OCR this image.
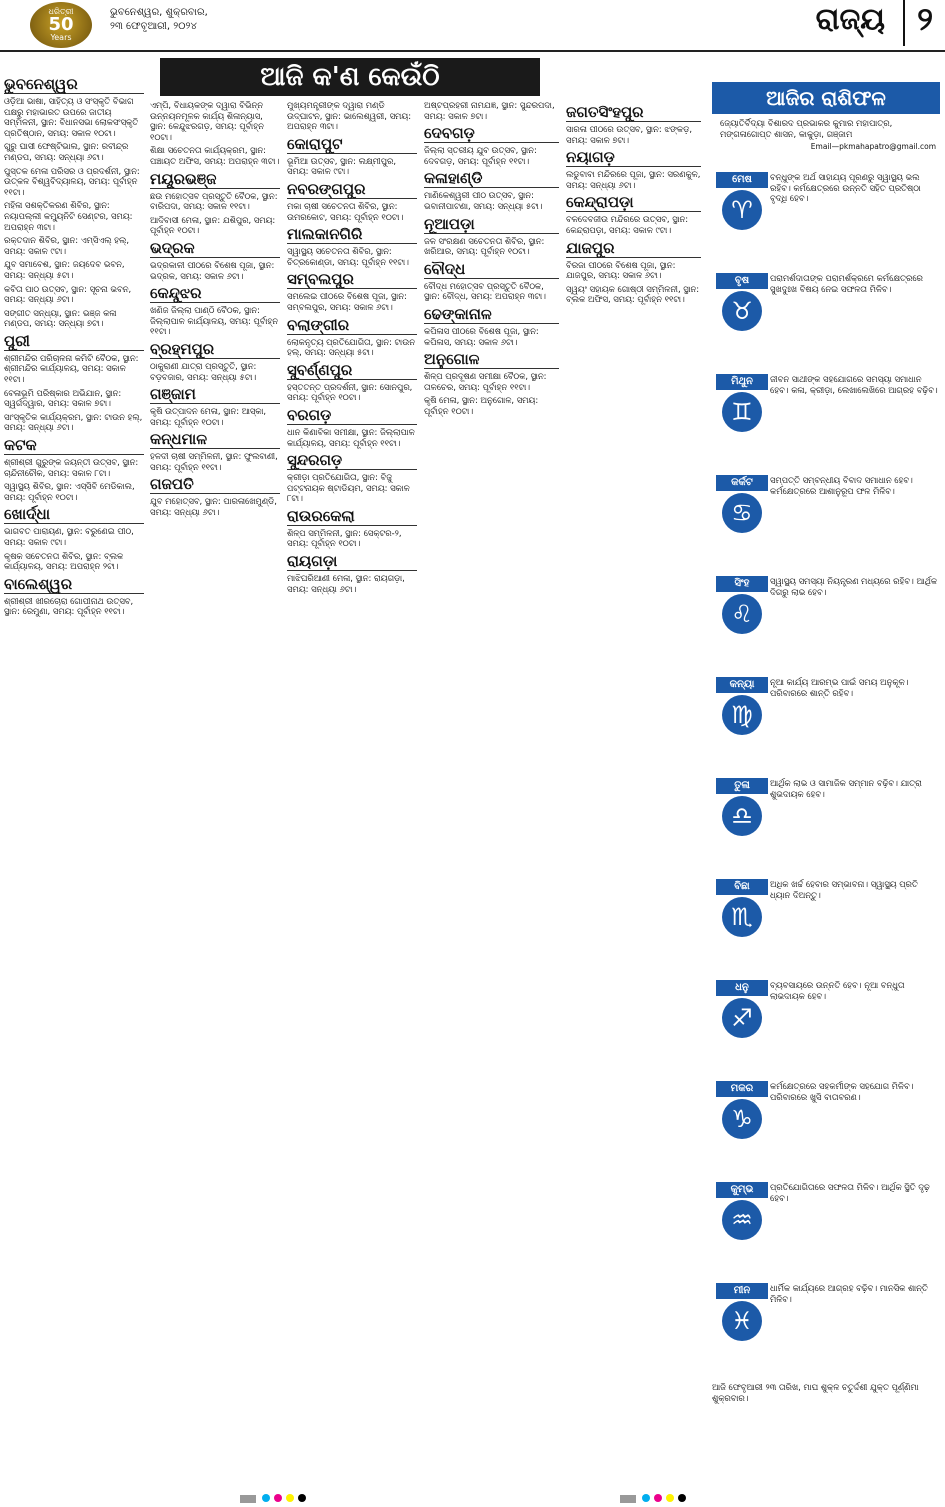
ଧରିତ୍ରୀ
50
Years
ଭୁବନେଶ୍ୱର, ଶୁକ୍ରବାର,
୨୩ ଫେବୃଆରୀ, ୨୦୨୪	ରାଜ୍ୟ	୨
ଆଜି କ'ଣ କେଉଁଠି
ଭୁବନେଶ୍ୱର

ଓଡ଼ିଆ ଭାଷା, ସାହିତ୍ୟ ଓ ସଂସ୍କୃତି ବିଭାଗ ପକ୍ଷରୁ ମହାଭାରତ ଉପରେ ଜାତୀୟ ସମ୍ମିଳନୀ, ସ୍ଥାନ: ବିଧାନସଭା ଲୋକସଂସ୍କୃତି ପ୍ରତିଷ୍ଠାନ, ସମୟ: ସକାଳ ୧୦ଟା।

ଗୁରୁ ଘାସୀ ଫେଷ୍ଟିଭାଲ, ସ୍ଥାନ: ରବୀନ୍ଦ୍ର ମଣ୍ଡପ, ସମୟ: ସନ୍ଧ୍ୟା ୬ଟା।

ପୁସ୍ତକ ମେଳା ପରିସର ଓ ପ୍ରଦର୍ଶନୀ, ସ୍ଥାନ: ଉତ୍କଳ ବିଶ୍ୱବିଦ୍ୟାଳୟ, ସମୟ: ପୂର୍ବାହ୍ନ ୧୧ଟା।

ମହିଳା ସଶକ୍ତିକରଣ ଶିବିର, ସ୍ଥାନ: ନୟାପଲ୍ଲୀ କମ୍ୟୁନିଟି ସେଣ୍ଟର, ସମୟ: ଅପରାହ୍ନ ୩ଟା।

ରକ୍ତଦାନ ଶିବିର, ସ୍ଥାନ: ଏମ୍‌ସିଏଲ୍ ହଲ୍, ସମୟ: ସକାଳ ୯ଟା।

ଯୁବ ସମାବେଶ, ସ୍ଥାନ: ଜୟଦେବ ଭବନ, ସମୟ: ସନ୍ଧ୍ୟା ୫ଟା।

କବିତା ପାଠ ଉତ୍ସବ, ସ୍ଥାନ: ସୂଚନା ଭବନ, ସମୟ: ସନ୍ଧ୍ୟା ୬ଟା।

ସଙ୍ଗୀତ ସନ୍ଧ୍ୟା, ସ୍ଥାନ: ଭଞ୍ଜ କଳା ମଣ୍ଡପ, ସମୟ: ସନ୍ଧ୍ୟା ୭ଟା।

ପୁରୀ

ଶ୍ରୀମନ୍ଦିର ପରିଚାଳନା କମିଟି ବୈଠକ, ସ୍ଥାନ: ଶ୍ରୀମନ୍ଦିର କାର୍ଯ୍ୟାଳୟ, ସମୟ: ସକାଳ ୧୧ଟା।

ବେଳାଭୂମି ପରିଷ୍କାର ଅଭିଯାନ, ସ୍ଥାନ: ସ୍ୱର୍ଗଦ୍ୱାର, ସମୟ: ସକାଳ ୭ଟା।

ସାଂସ୍କୃତିକ କାର୍ଯ୍ୟକ୍ରମ, ସ୍ଥାନ: ଟାଉନ ହଲ୍, ସମୟ: ସନ୍ଧ୍ୟା ୬ଟା।

କଟକ

ଶ୍ରୀଶ୍ରୀ ଗୁରୁଙ୍କ ଜୟନ୍ତୀ ଉତ୍ସବ, ସ୍ଥାନ: ଚାନ୍ଦିନୀଚୌକ, ସମୟ: ସକାଳ ୮ଟା।

ସ୍ୱାସ୍ଥ୍ୟ ଶିବିର, ସ୍ଥାନ: ଏସ୍‌ସିବି ମେଡିକାଲ, ସମୟ: ପୂର୍ବାହ୍ନ ୧୦ଟା।

ଖୋର୍ଦ୍ଧା

ଭାଗବତ ପାରାୟଣ, ସ୍ଥାନ: ବରୁଣେଇ ପୀଠ, ସମୟ: ସକାଳ ୯ଟା।

କୃଷକ ସଚେତନତା ଶିବିର, ସ୍ଥାନ: ବ୍ଲକ କାର୍ଯ୍ୟାଳୟ, ସମୟ: ଅପରାହ୍ନ ୨ଟା।

ବାଲେଶ୍ୱର

ଶ୍ରୀଶ୍ରୀ ଖୀରଚୋରା ଗୋପୀନାଥ ଉତ୍ସବ, ସ୍ଥାନ: ରେମୁଣା, ସମୟ: ପୂର୍ବାହ୍ନ ୧୧ଟା।

ଏମ୍‌ପି, ବିଧାୟକଙ୍କ ଦ୍ୱାରା ବିଭିନ୍ନ ଉନ୍ନୟନମୂଳକ କାର୍ଯ୍ୟ ଶିଳାନ୍ୟାସ, ସ୍ଥାନ: କେନ୍ଦୁଝରଗଡ଼, ସମୟ: ପୂର୍ବାହ୍ନ ୧୦ଟା।

ଶିକ୍ଷା ସଚେତନତା କାର୍ଯ୍ୟକ୍ରମ, ସ୍ଥାନ: ପଞ୍ଚାୟତ ଅଫିସ, ସମୟ: ଅପରାହ୍ନ ୩ଟା।

ମୟୂରଭଞ୍ଜ

ଛଉ ମହୋତ୍ସବ ପ୍ରସ୍ତୁତି ବୈଠକ, ସ୍ଥାନ: ବାରିପଦା, ସମୟ: ସକାଳ ୧୧ଟା।

ଆଦିବାସୀ ମେଳା, ସ୍ଥାନ: ଯଶିପୁର, ସମୟ: ପୂର୍ବାହ୍ନ ୧୦ଟା।

ଭଦ୍ରକ

ଭଦ୍ରକାଳୀ ପୀଠରେ ବିଶେଷ ପୂଜା, ସ୍ଥାନ: ଭଦ୍ରକ, ସମୟ: ସକାଳ ୬ଟା।

କେନ୍ଦୁଝର

ଖଣିଜ ଜିଲ୍ଲା ପାଣ୍ଠି ବୈଠକ, ସ୍ଥାନ: ଜିଲ୍ଲାପାଳ କାର୍ଯ୍ୟାଳୟ, ସମୟ: ପୂର୍ବାହ୍ନ ୧୧ଟା।

ବ୍ରହ୍ମପୁର

ଠାକୁରାଣୀ ଯାତ୍ରା ପ୍ରସ୍ତୁତି, ସ୍ଥାନ: ବଡ଼ବଜାର, ସମୟ: ସନ୍ଧ୍ୟା ୫ଟା।

ଗଞ୍ଜାମ

କୃଷି ଉତ୍ପାଦନ ମେଳା, ସ୍ଥାନ: ଆସ୍କା, ସମୟ: ପୂର୍ବାହ୍ନ ୧୦ଟା।

କନ୍ଧମାଳ

ହଳଦୀ ଚାଷୀ ସମ୍ମିଳନୀ, ସ୍ଥାନ: ଫୁଲବାଣୀ, ସମୟ: ପୂର୍ବାହ୍ନ ୧୧ଟା।

ଗଜପତି

ଯୁବ ମହୋତ୍ସବ, ସ୍ଥାନ: ପାରଳାଖେମୁଣ୍ଡି, ସମୟ: ସନ୍ଧ୍ୟା ୬ଟା।

ମୁଖ୍ୟମନ୍ତ୍ରୀଙ୍କ ଦ୍ୱାରା ମଣ୍ଡି ଉଦ୍‌ଘାଟନ, ସ୍ଥାନ: ଭାଲେଶ୍ୱରୀ, ସମୟ: ଅପରାହ୍ନ ୩ଟା।

କୋରାପୁଟ

ଭୂମିଆ ଉତ୍ସବ, ସ୍ଥାନ: ଲକ୍ଷ୍ମୀପୁର, ସମୟ: ସକାଳ ୯ଟା।

ନବରଙ୍ଗପୁର

ମକା ଚାଷୀ ସଚେତନତା ଶିବିର, ସ୍ଥାନ: ଉମରକୋଟ, ସମୟ: ପୂର୍ବାହ୍ନ ୧୦ଟା।

ମାଲକାନଗିରି

ସ୍ୱାସ୍ଥ୍ୟ ସଚେତନତା ଶିବିର, ସ୍ଥାନ: ଚିତ୍ରକୋଣ୍ଡା, ସମୟ: ପୂର୍ବାହ୍ନ ୧୧ଟା।

ସମ୍ବଲପୁର

ସମଲେଇ ପୀଠରେ ବିଶେଷ ପୂଜା, ସ୍ଥାନ: ସମ୍ବଲପୁର, ସମୟ: ସକାଳ ୬ଟା।

ବଲାଙ୍ଗୀର

ଲୋକନୃତ୍ୟ ପ୍ରତିଯୋଗିତା, ସ୍ଥାନ: ଟାଉନ ହଲ୍, ସମୟ: ସନ୍ଧ୍ୟା ୫ଟା।

ସୁବର୍ଣ୍ଣପୁର

ହସ୍ତତନ୍ତ ପ୍ରଦର୍ଶନୀ, ସ୍ଥାନ: ସୋନପୁର, ସମୟ: ପୂର୍ବାହ୍ନ ୧୦ଟା।

ବରଗଡ଼

ଧାନ କିଣାବିକା ସମୀକ୍ଷା, ସ୍ଥାନ: ଜିଲ୍ଲାପାଳ କାର୍ଯ୍ୟାଳୟ, ସମୟ: ପୂର୍ବାହ୍ନ ୧୧ଟା।

ସୁନ୍ଦରଗଡ଼

କ୍ରୀଡ଼ା ପ୍ରତିଯୋଗିତା, ସ୍ଥାନ: ବିଜୁ ପଟ୍ଟନାୟକ ଷ୍ଟାଡିୟମ, ସମୟ: ସକାଳ ୮ଟା।

ରାଉରକେଲା

ଶିଳ୍ପ ସମ୍ମିଳନୀ, ସ୍ଥାନ: ସେକ୍ଟର-୨, ସମୟ: ପୂର୍ବାହ୍ନ ୧୦ଟା।

ରାୟଗଡ଼ା

ମାଝିଘରିଆଣୀ ମେଳା, ସ୍ଥାନ: ରାୟଗଡ଼ା, ସମୟ: ସନ୍ଧ୍ୟା ୬ଟା।

ଅଷ୍ଟପ୍ରହରୀ ନାମଯଜ୍ଞ, ସ୍ଥାନ: ସୁନ୍ଦରପଦା, ସମୟ: ସକାଳ ୭ଟା।

ଦେବଗଡ଼

ଜିଲ୍ଲା ସ୍ତରୀୟ ଯୁବ ଉତ୍ସବ, ସ୍ଥାନ: ଦେବଗଡ଼, ସମୟ: ପୂର୍ବାହ୍ନ ୧୧ଟା।

କଳାହାଣ୍ଡି

ମାଣିକେଶ୍ୱରୀ ପୀଠ ଉତ୍ସବ, ସ୍ଥାନ: ଭବାନୀପାଟଣା, ସମୟ: ସନ୍ଧ୍ୟା ୫ଟା।

ନୂଆପଡ଼ା

ଜଳ ସଂରକ୍ଷଣ ସଚେତନତା ଶିବିର, ସ୍ଥାନ: ଖରିଆର, ସମୟ: ପୂର୍ବାହ୍ନ ୧୦ଟା।

ବୌଦ୍ଧ

ବୌଦ୍ଧ ମହୋତ୍ସବ ପ୍ରସ୍ତୁତି ବୈଠକ, ସ୍ଥାନ: ବୌଦ୍ଧ, ସମୟ: ଅପରାହ୍ନ ୩ଟା।

ଢେଙ୍କାନାଳ

କପିଳାସ ପୀଠରେ ବିଶେଷ ପୂଜା, ସ୍ଥାନ: କପିଳାସ, ସମୟ: ସକାଳ ୬ଟା।

ଅନୁଗୋଳ

ଶିଳ୍ପ ପ୍ରଦୂଷଣ ସମୀକ୍ଷା ବୈଠକ, ସ୍ଥାନ: ତାଳଚେର, ସମୟ: ପୂର୍ବାହ୍ନ ୧୧ଟା।

କୃଷି ମେଳା, ସ୍ଥାନ: ଅନୁଗୋଳ, ସମୟ: ପୂର୍ବାହ୍ନ ୧୦ଟା।

ଜଗତସିଂହପୁର

ସାରଳା ପୀଠରେ ଉତ୍ସବ, ସ୍ଥାନ: ଝଙ୍କଡ଼, ସମୟ: ସକାଳ ୭ଟା।

ନୟାଗଡ଼

ଲଡୁବାବା ମନ୍ଦିରରେ ପୂଜା, ସ୍ଥାନ: ସରଣକୁଳ, ସମୟ: ସନ୍ଧ୍ୟା ୬ଟା।

କେନ୍ଦ୍ରାପଡ଼ା

ବଳଦେବଜୀଉ ମନ୍ଦିରରେ ଉତ୍ସବ, ସ୍ଥାନ: କେନ୍ଦ୍ରାପଡ଼ା, ସମୟ: ସକାଳ ୯ଟା।

ଯାଜପୁର

ବିରଜା ପୀଠରେ ବିଶେଷ ପୂଜା, ସ୍ଥାନ: ଯାଜପୁର, ସମୟ: ସକାଳ ୬ଟା।

ସ୍ୱୟଂ ସହାୟକ ଗୋଷ୍ଠୀ ସମ୍ମିଳନୀ, ସ୍ଥାନ: ବ୍ଲକ ଅଫିସ, ସମୟ: ପୂର୍ବାହ୍ନ ୧୧ଟା।

ଆଜିର ରାଶିଫଳ
ଜ୍ୟୋତିର୍ବିଦ୍ୟା ବିଶାରଦ ପ୍ରଭାକର କୁମାର ମହାପାତ୍ର, ମଙ୍ଗଳାଗୋପ୍ତ ଶାସନ, କାକୁଡ଼ା, ଗଞ୍ଜାମ
Email—pkmahapatro@gmail.com
ମେଷ
♈
ବନ୍ଧୁଙ୍କ ଅର୍ଥ ସାହାଯ୍ୟ ପୂରଣରୁ ସ୍ୱାସ୍ଥ୍ୟ ଭଲ ରହିବ। କର୍ମକ୍ଷେତ୍ରରେ ଉନ୍ନତି ସହିତ ପ୍ରତିଷ୍ଠା ବୃଦ୍ଧି ହେବ।
ବୃଷ
♉
ପରାମର୍ଶଦାତାଙ୍କ ପରାମର୍ଶକ୍ରମେ କର୍ମକ୍ଷେତ୍ରରେ ସୁଖଦୁଃଖ ବିଷୟ ନେଇ ସଫଳତା ମିଳିବ।
ମିଥୁନ
♊
ଜୀବନ ସାଥୀଙ୍କ ସହଯୋଗରେ ସମସ୍ୟା ସମାଧାନ ହେବ। କଳା, କ୍ରୀଡ଼ା, ଲେଖାଲେଖିରେ ଆଗ୍ରହ ବଢ଼ିବ।
କର୍କଟ
♋
ସମ୍ପତ୍ତି ସମ୍ବନ୍ଧୀୟ ବିବାଦ ସମାଧାନ ହେବ। କର୍ମକ୍ଷେତ୍ରରେ ଆଶାନୁରୂପ ଫଳ ମିଳିବ।
ସିଂହ
♌
ସ୍ୱାସ୍ଥ୍ୟ ସମସ୍ୟା ନିୟନ୍ତ୍ରଣ ମଧ୍ୟରେ ରହିବ। ଆର୍ଥିକ ଦିଗରୁ ଲାଭ ହେବ।
କନ୍ୟା
♍
ନୂଆ କାର୍ଯ୍ୟ ଆରମ୍ଭ ପାଇଁ ସମୟ ଅନୁକୂଳ। ପରିବାରରେ ଶାନ୍ତି ରହିବ।
ତୁଳା
♎
ଆର୍ଥିକ ଲାଭ ଓ ସାମାଜିକ ସମ୍ମାନ ବଢ଼ିବ। ଯାତ୍ରା ଶୁଭଦାୟକ ହେବ।
ବିଛା
♏
ଅଧିକ ଖର୍ଚ୍ଚ ହେବାର ସମ୍ଭାବନା। ସ୍ୱାସ୍ଥ୍ୟ ପ୍ରତି ଧ୍ୟାନ ଦିଅନ୍ତୁ।
ଧନୁ
♐
ବ୍ୟବସାୟରେ ଉନ୍ନତି ହେବ। ନୂଆ ବନ୍ଧୁତା ଲାଭଦାୟକ ହେବ।
ମକର
♑
କର୍ମକ୍ଷେତ୍ରରେ ସହକର୍ମୀଙ୍କ ସହଯୋଗ ମିଳିବ। ପରିବାରରେ ଖୁସି ବାତାବରଣ।
କୁମ୍ଭ
♒
ପ୍ରତିଯୋଗିତାରେ ସଫଳତା ମିଳିବ। ଆର୍ଥିକ ସ୍ଥିତି ଦୃଢ଼ ହେବ।
ମୀନ
♓
ଧାର୍ମିକ କାର୍ଯ୍ୟରେ ଆଗ୍ରହ ବଢ଼ିବ। ମାନସିକ ଶାନ୍ତି ମିଳିବ।
ଆଜି ଫେବୃଆରୀ ୨୩ ତାରିଖ, ମାଘ ଶୁକ୍ଳ ଚତୁର୍ଦ୍ଦଶୀ ଯୁକ୍ତ ପୂର୍ଣ୍ଣିମା ଶୁକ୍ରବାର।
